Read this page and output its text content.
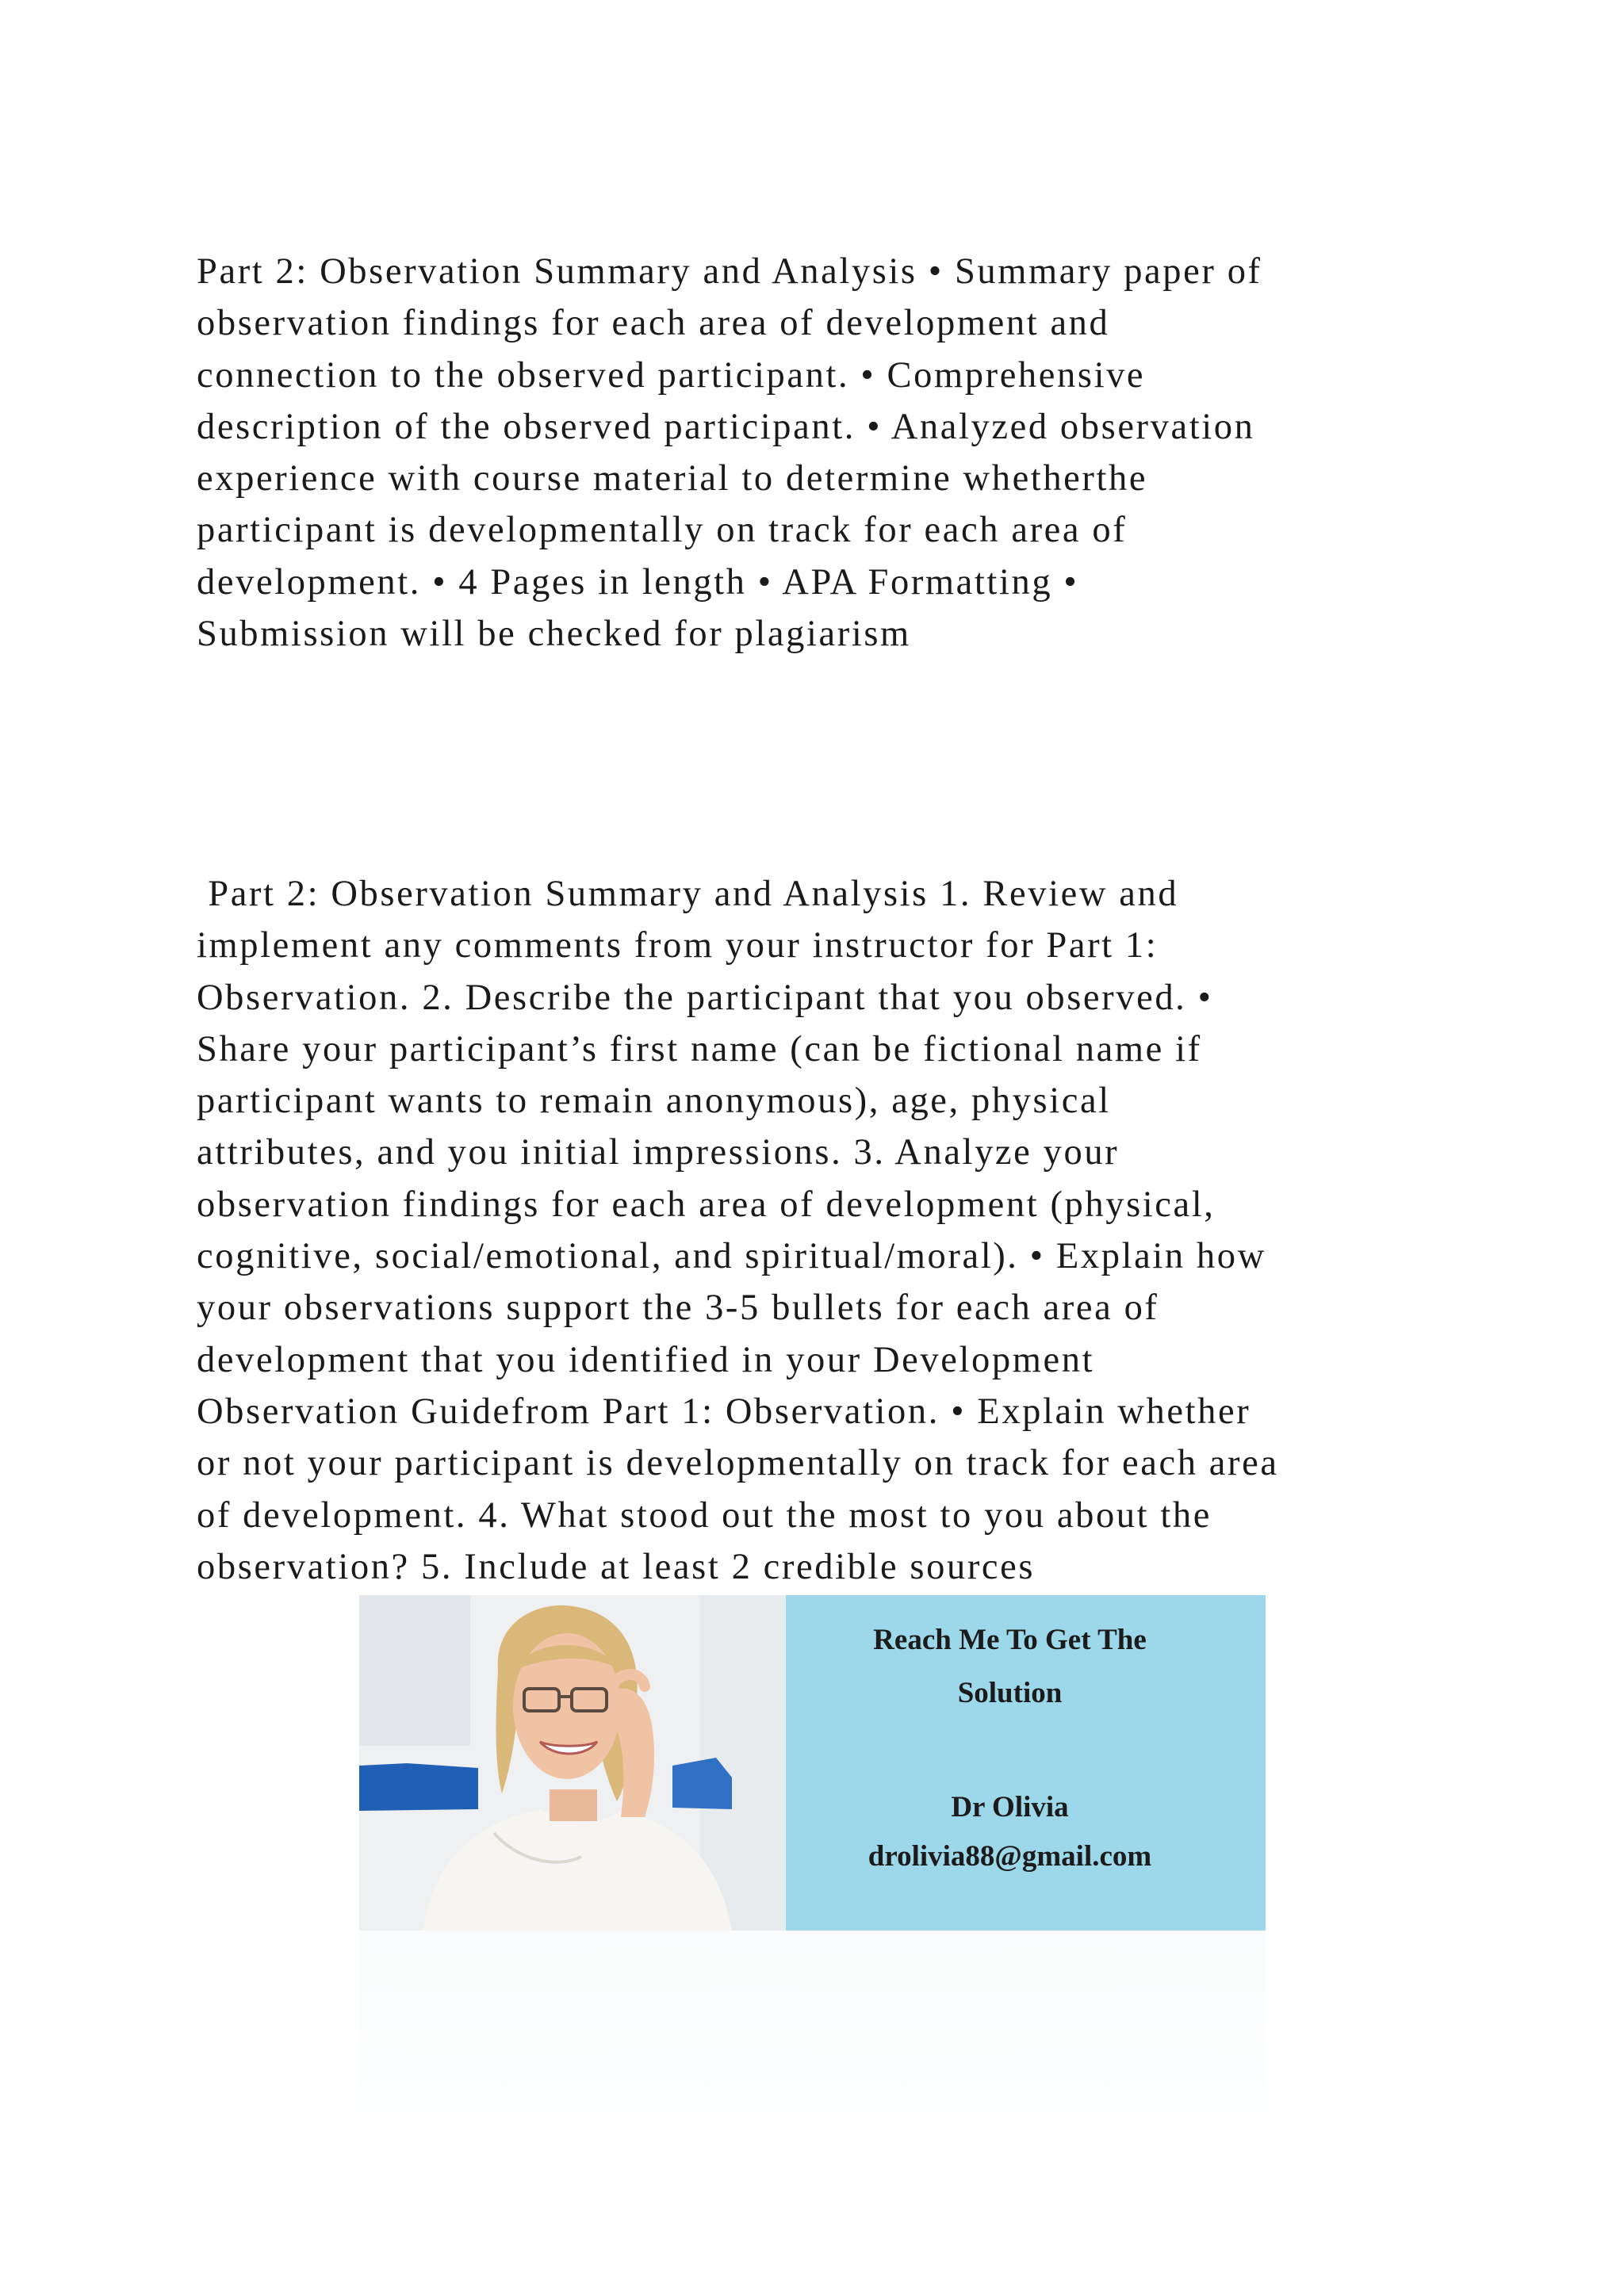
Part 2: Observation Summary and Analysis • Summary paper of
observation findings for each area of development and
connection to the observed participant. • Comprehensive
description of the observed participant. • Analyzed observation
experience with course material to determine whetherthe
participant is developmentally on track for each area of
development. • 4 Pages in length • APA Formatting •
Submission will be checked for plagiarism

Part 2: Observation Summary and Analysis 1. Review and
implement any comments from your instructor for Part 1:
Observation. 2. Describe the participant that you observed. •
Share your participant’s first name (can be fictional name if
participant wants to remain anonymous), age, physical
attributes, and you initial impressions. 3. Analyze your
observation findings for each area of development (physical,
cognitive, social/emotional, and spiritual/moral). • Explain how
your observations support the 3-5 bullets for each area of
development that you identified in your Development
Observation Guidefrom Part 1: Observation. • Explain whether
or not your participant is developmentally on track for each area
of development. 4. What stood out the most to you about the
observation? 5. Include at least 2 credible sources

Reach Me To Get The

Solution

Dr Olivia

drolivia88@gmail.com
